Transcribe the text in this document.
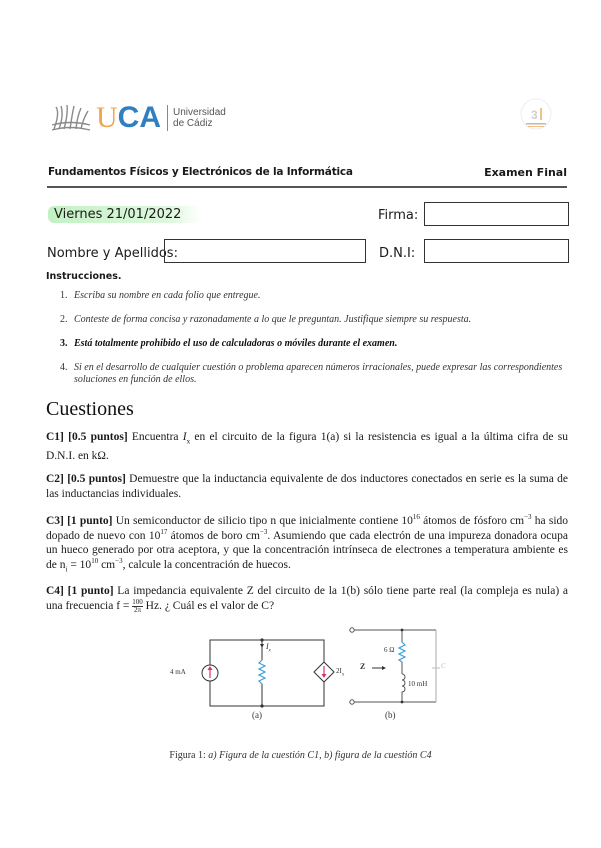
UCA Universidad
de Cádiz
3
Fundamentos Físicos y Electrónicos de la Informática	Examen Final
Viernes 21/01/2022	Firma:
Nombre y Apellidos:	D.N.I:
Instrucciones.
1. Escriba su nombre en cada folio que entregue.
2. Conteste de forma concisa y razonadamente a lo que le preguntan. Justifique siempre su respuesta.
3. Está totalmente prohibido el uso de calculadoras o móviles durante el examen.
4. Si en el desarrollo de cualquier cuestión o problema aparecen números irracionales, puede expresar las correspondientes soluciones en función de ellos.
Cuestiones
C1] [0.5 puntos] Encuentra $I_x$ en el circuito de la figura 1(a) si la resistencia es igual a la última cifra de su D.N.I. en kΩ.
C2] [0.5 puntos] Demuestre que la inductancia equivalente de dos inductores conectados en serie es la suma de las inductancias individuales.
C3] [1 punto] Un semiconductor de silicio tipo n que inicialmente contiene $10^{16}$ átomos de fósforo $cm^{-3}$ ha sido dopado de nuevo con $10^{17}$ átomos de boro $cm^{-3}$. Asumiendo que cada electrón de una impureza donadora ocupa un hueco generado por otra aceptora, y que la concentración intrínseca de electrones a temperatura ambiente es de $n_i = 10^{10}$ $cm^{-3}$, calcule la concentración de huecos.
C4] [1 punto] La impedancia equivalente Z del circuito de la 1(b) sólo tiene parte real (la compleja es nula) a una frecuencia $f = \frac{100}{2\pi} Hz$. ¿ Cuál es el valor de C?
4 mA
$I_x$
$2I_x$
(a)
Z
6 Ω
10 mH
C
(b)
Figura 1: a) Figura de la cuestión C1, b) figura de la cuestión C4
